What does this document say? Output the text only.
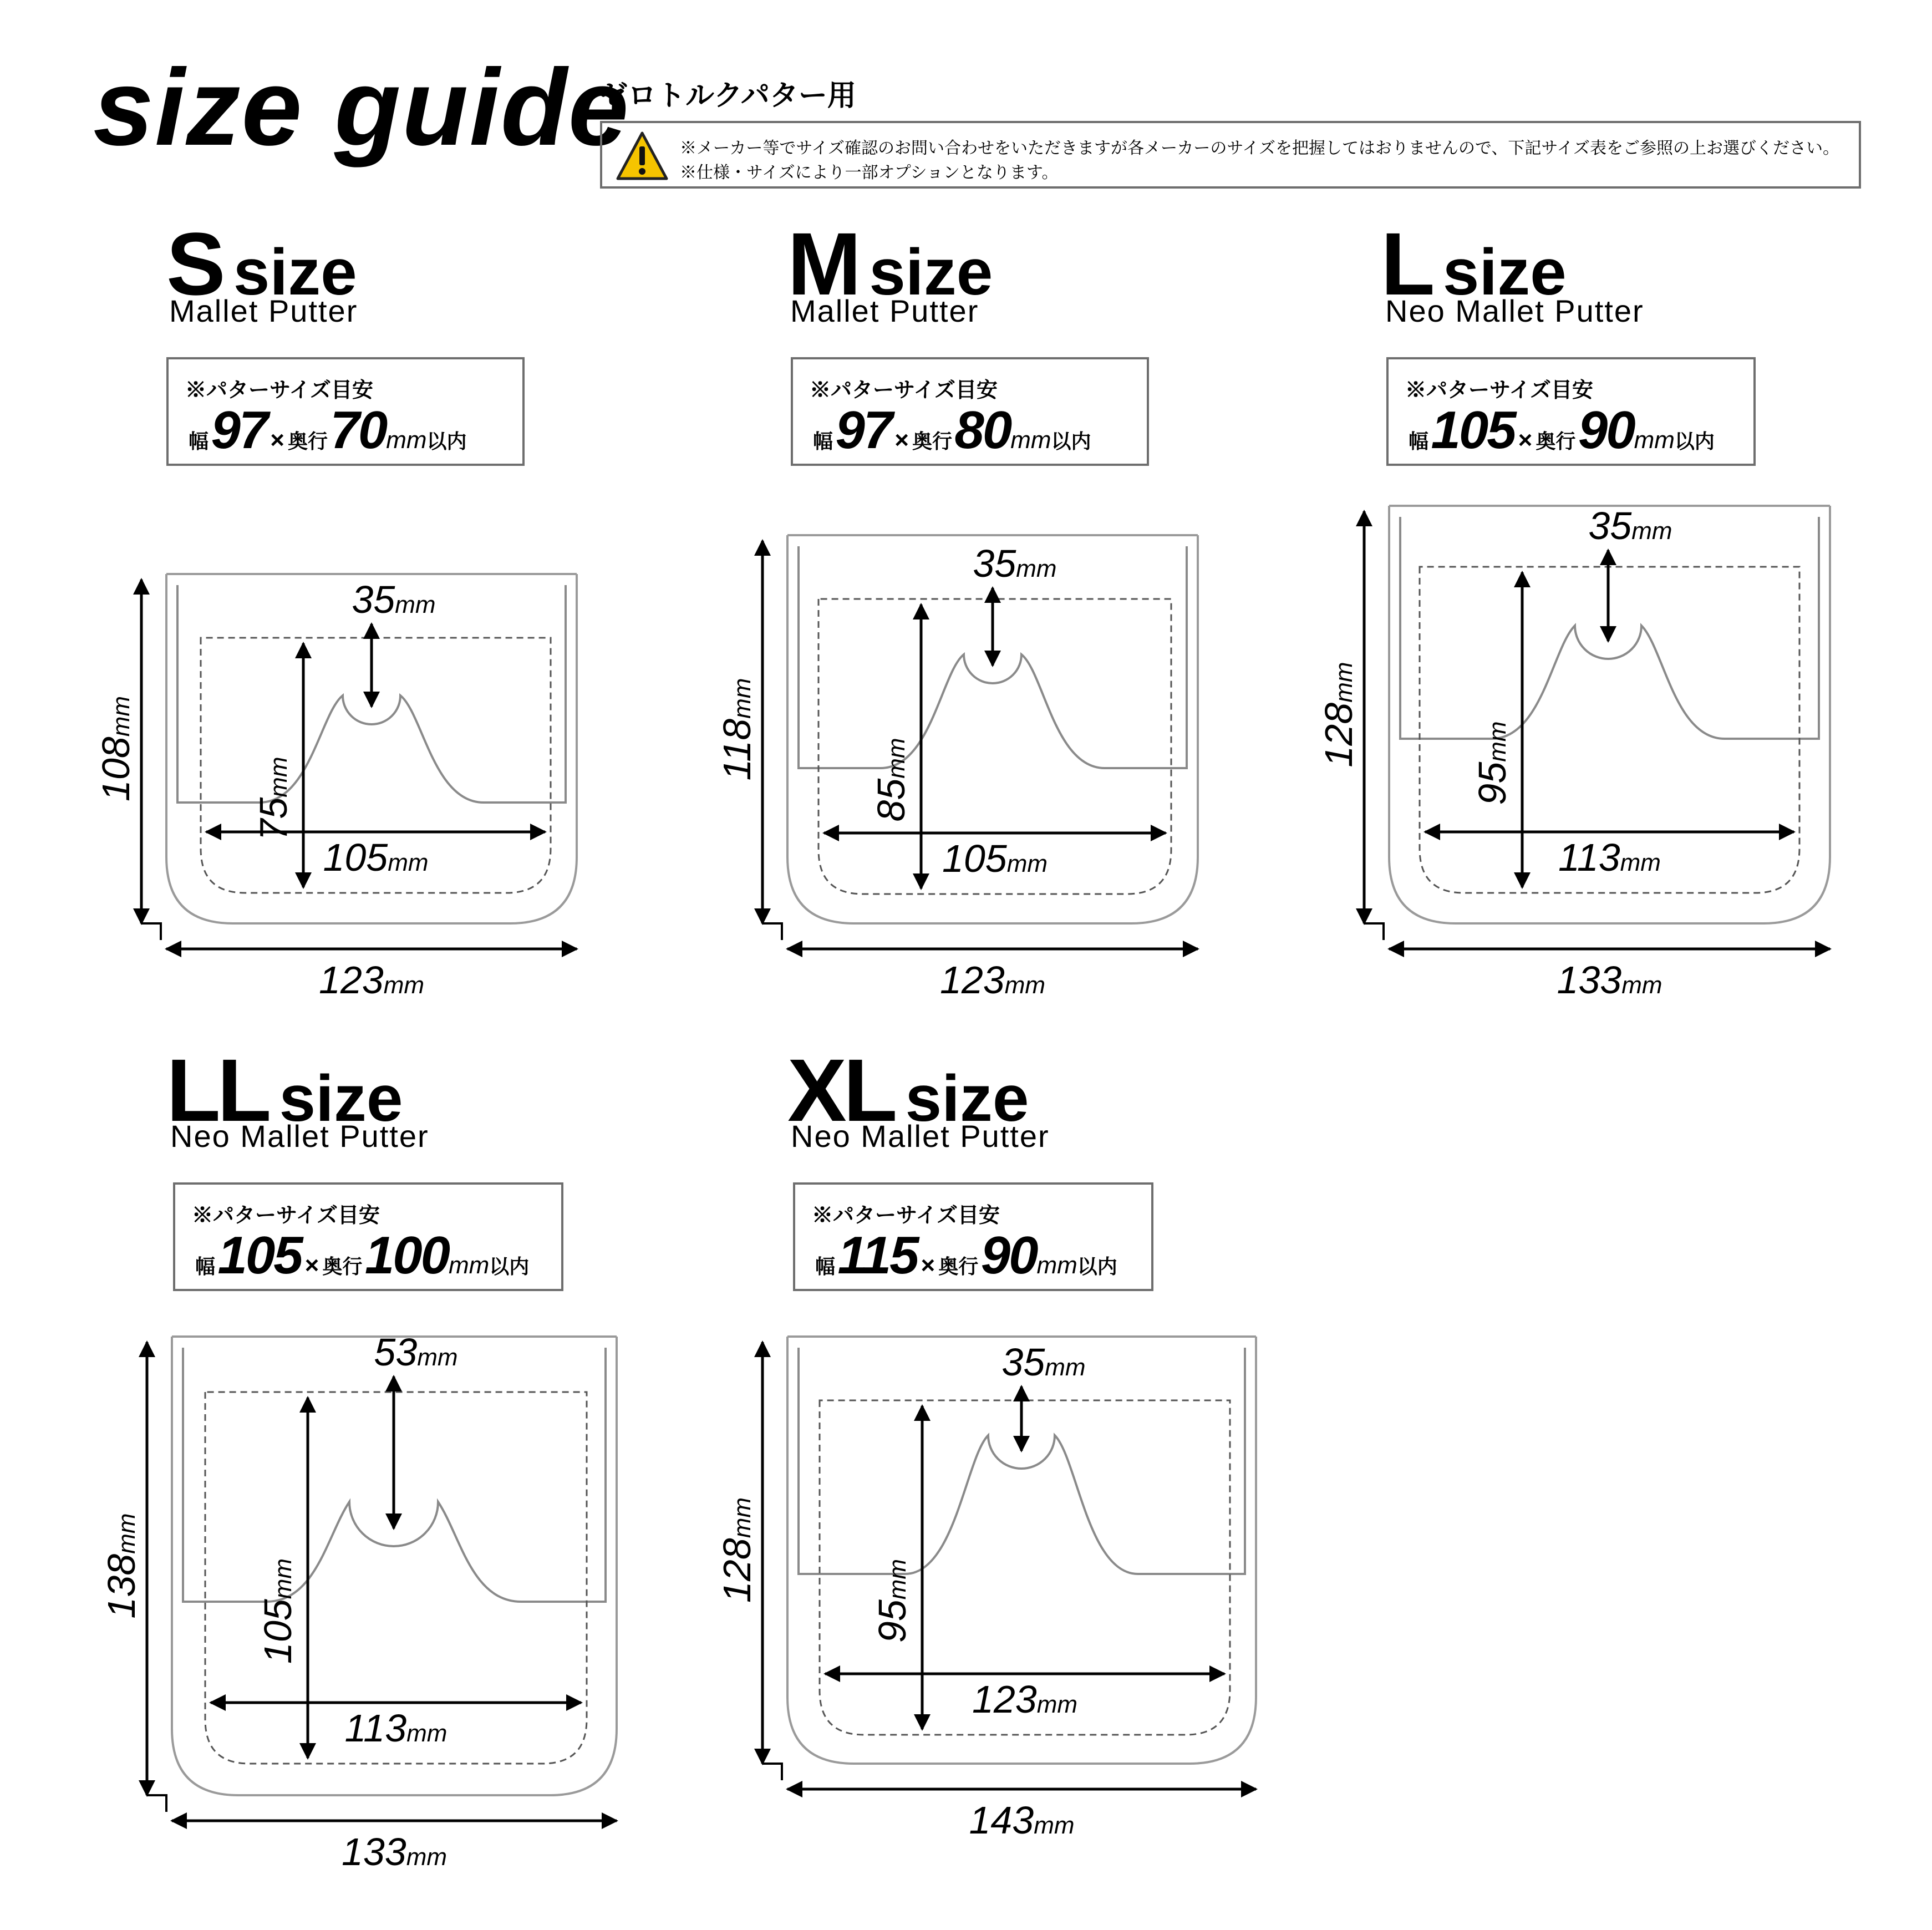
size guide
ゼロトルクパター用
※メーカー等でサイズ確認のお問い合わせをいただきますが各メーカーのサイズを把握してはおりませんので、下記サイズ表をご参照の上お選びください。
※仕様・サイズにより一部オプションとなります。
S size
Mallet Putter
※パターサイズ目安
幅 97 × 奥行 70mm以内
M size
Mallet Putter
※パターサイズ目安
幅 97 × 奥行 80mm以内
L size
Neo Mallet Putter
※パターサイズ目安
幅 105 × 奥行 90mm以内
LL size
Neo Mallet Putter
※パターサイズ目安
幅 105 × 奥行 100mm以内
XL size
Neo Mallet Putter
※パターサイズ目安
幅 115 × 奥行 90mm以内
108mm
123mm
105mm
75mm
35mm
118mm
123mm
105mm
85mm
35mm
128mm
133mm
113mm
95mm
35mm
138mm
133mm
113mm
105mm
53mm
128mm
143mm
123mm
95mm
35mm
